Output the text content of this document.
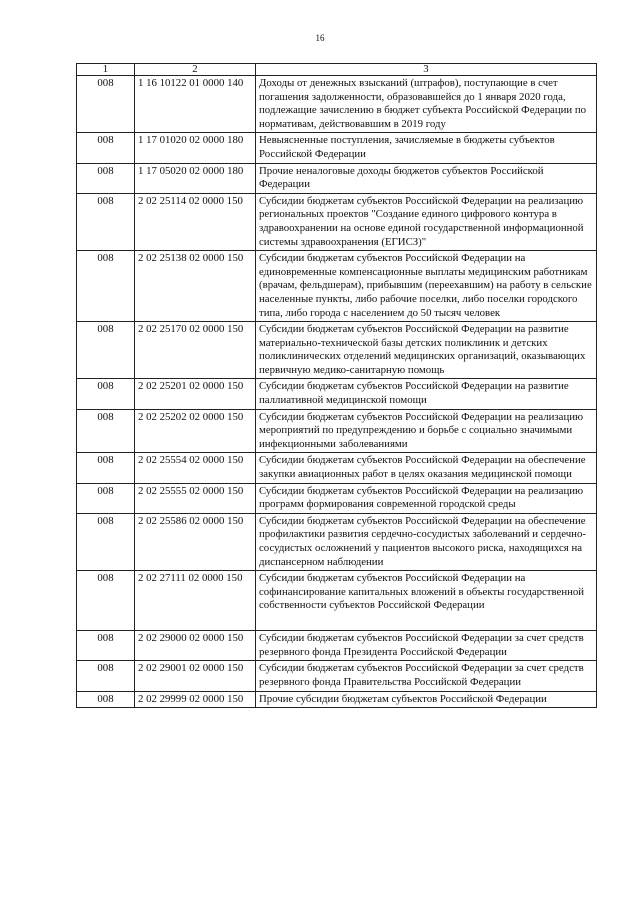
16
1	2	3
008	1 16 10122 01 0000 140	Доходы от денежных взысканий (штрафов), поступающие в счет погашения задолженности, образовавшейся до 1 января 2020 года, подлежащие зачислению в бюджет субъекта Российской Федерации по нормативам, действовавшим в 2019 году
008	1 17 01020 02 0000 180	Невыясненные поступления, зачисляемые в бюджеты субъектов Российской Федерации
008	1 17 05020 02 0000 180	Прочие неналоговые доходы бюджетов субъектов Российской Федерации
008	2 02 25114 02 0000 150	Субсидии бюджетам субъектов Российской Федерации на реализацию региональных проектов "Создание единого цифрового контура в здравоохранении на основе единой государственной информационной системы здравоохранения (ЕГИСЗ)"
008	2 02 25138 02 0000 150	Субсидии бюджетам субъектов Российской Федерации на единовременные компенсационные выплаты медицинским работникам (врачам, фельдшерам), прибывшим (переехавшим) на работу в сельские населенные пункты, либо рабочие поселки, либо поселки городского типа, либо города с населением до 50 тысяч человек
008	2 02 25170 02 0000 150	Субсидии бюджетам субъектов Российской Федерации на развитие материально-технической базы детских поликлиник и детских поликлинических отделений медицинских организаций, оказывающих первичную медико-санитарную помощь
008	2 02 25201 02 0000 150	Субсидии бюджетам субъектов Российской Федерации на развитие паллиативной медицинской помощи
008	2 02 25202 02 0000 150	Субсидии бюджетам субъектов Российской Федерации на реализацию мероприятий по предупреждению и борьбе с социально значимыми инфекционными заболеваниями
008	2 02 25554 02 0000 150	Субсидии бюджетам субъектов Российской Федерации на обеспечение закупки авиационных работ в целях оказания медицинской помощи
008	2 02 25555 02 0000 150	Субсидии бюджетам субъектов Российской Федерации на реализацию программ формирования современной городской среды
008	2 02 25586 02 0000 150	Субсидии бюджетам субъектов Российской Федерации на обеспечение профилактики развития сердечно-сосудистых заболеваний и сердечно-сосудистых осложнений у пациентов высокого риска, находящихся на диспансерном наблюдении
008	2 02 27111 02 0000 150	Субсидии бюджетам субъектов Российской Федерации на софинансирование капитальных вложений в объекты государственной собственности субъектов Российской Федерации
008	2 02 29000 02 0000 150	Субсидии бюджетам субъектов Российской Федерации за счет средств резервного фонда Президента Российской Федерации
008	2 02 29001 02 0000 150	Субсидии бюджетам субъектов Российской Федерации за счет средств резервного фонда Правительства Российской Федерации
008	2 02 29999 02 0000 150	Прочие субсидии бюджетам субъектов Российской Федерации
